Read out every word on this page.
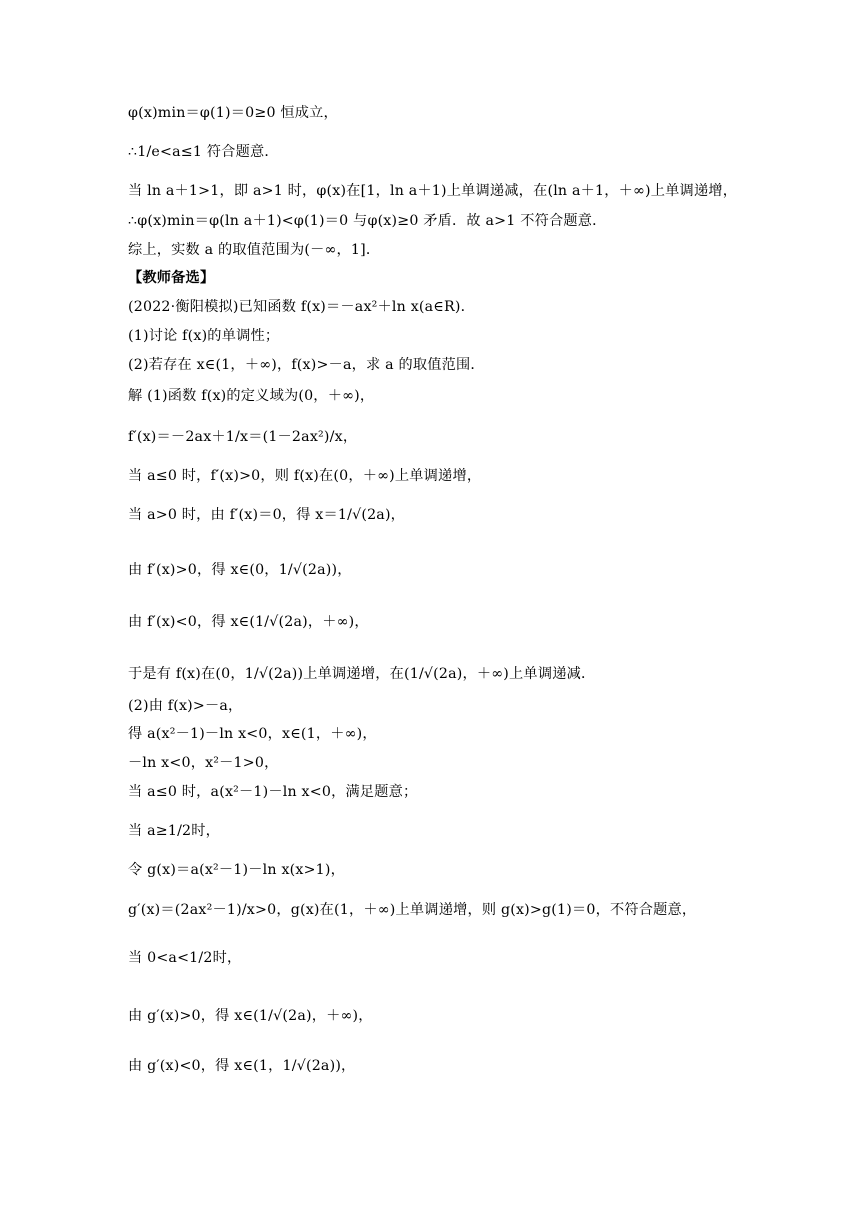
φ(x)min＝φ(1)＝0≥0 恒成立，
∴1/e<a≤1 符合题意．
当 ln a＋1>1，即 a>1 时，φ(x)在[1，ln a＋1)上单调递减，在(ln a＋1，＋∞)上单调递增，
∴φ(x)min＝φ(ln a＋1)<φ(1)＝0 与φ(x)≥0 矛盾．故 a>1 不符合题意．
综上，实数 a 的取值范围为(－∞，1]．
【教师备选】
(2022·衡阳模拟)已知函数 f(x)＝－ax²＋ln x(a∈R)．
(1)讨论 f(x)的单调性；
(2)若存在 x∈(1，＋∞)，f(x)>－a，求 a 的取值范围．
解 (1)函数 f(x)的定义域为(0，＋∞)，
f′(x)＝－2ax＋1/x＝(1－2ax²)/x，
当 a≤0 时，f′(x)>0，则 f(x)在(0，＋∞)上单调递增，
当 a>0 时，由 f′(x)＝0，得 x＝1/√(2a)，
由 f′(x)>0，得 x∈(0，1/√(2a))，
由 f′(x)<0，得 x∈(1/√(2a)，＋∞)，
于是有 f(x)在(0，1/√(2a))上单调递增，在(1/√(2a)，＋∞)上单调递减．
(2)由 f(x)>－a，
得 a(x²－1)－ln x<0，x∈(1，＋∞)，
－ln x<0，x²－1>0，
当 a≤0 时，a(x²－1)－ln x<0，满足题意；
当 a≥1/2时，
令 g(x)＝a(x²－1)－ln x(x>1)，
g′(x)＝(2ax²－1)/x>0，g(x)在(1，＋∞)上单调递增，则 g(x)>g(1)＝0，不符合题意，
当 0<a<1/2时，
由 g′(x)>0，得 x∈(1/√(2a)，＋∞)，
由 g′(x)<0，得 x∈(1，1/√(2a))，
